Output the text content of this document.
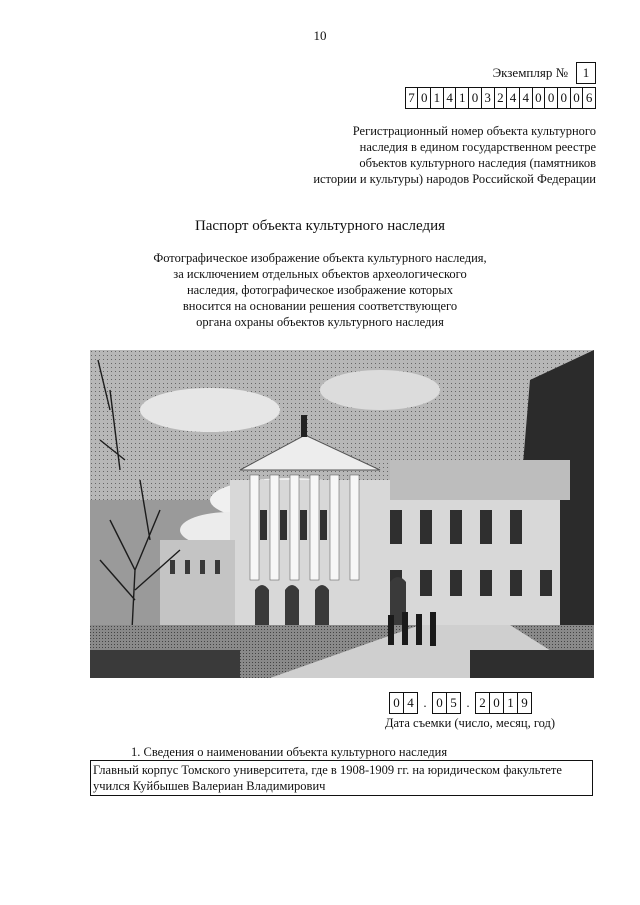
10
Экземпляр №	1
7 0 1 4 1 0 3 2 4 4 0 0 0 0 6
Регистрационный номер объекта культурного
наследия в едином государственном реестре
объектов культурного наследия (памятников
истории и культуры) народов Российской Федерации
Паспорт объекта культурного наследия
Фотографическое изображение объекта культурного наследия,
за исключением отдельных объектов археологического
наследия, фотографическое изображение которых
вносится на основании решения соответствующего
органа охраны объектов культурного наследия
0 4 . 0 5 . 2 0 1 9
Дата съемки (число, месяц, год)
1. Сведения о наименовании объекта культурного наследия
Главный корпус Томского университета, где в 1908-1909 гг. на юридическом факультете
учился Куйбышев Валериан Владимирович
